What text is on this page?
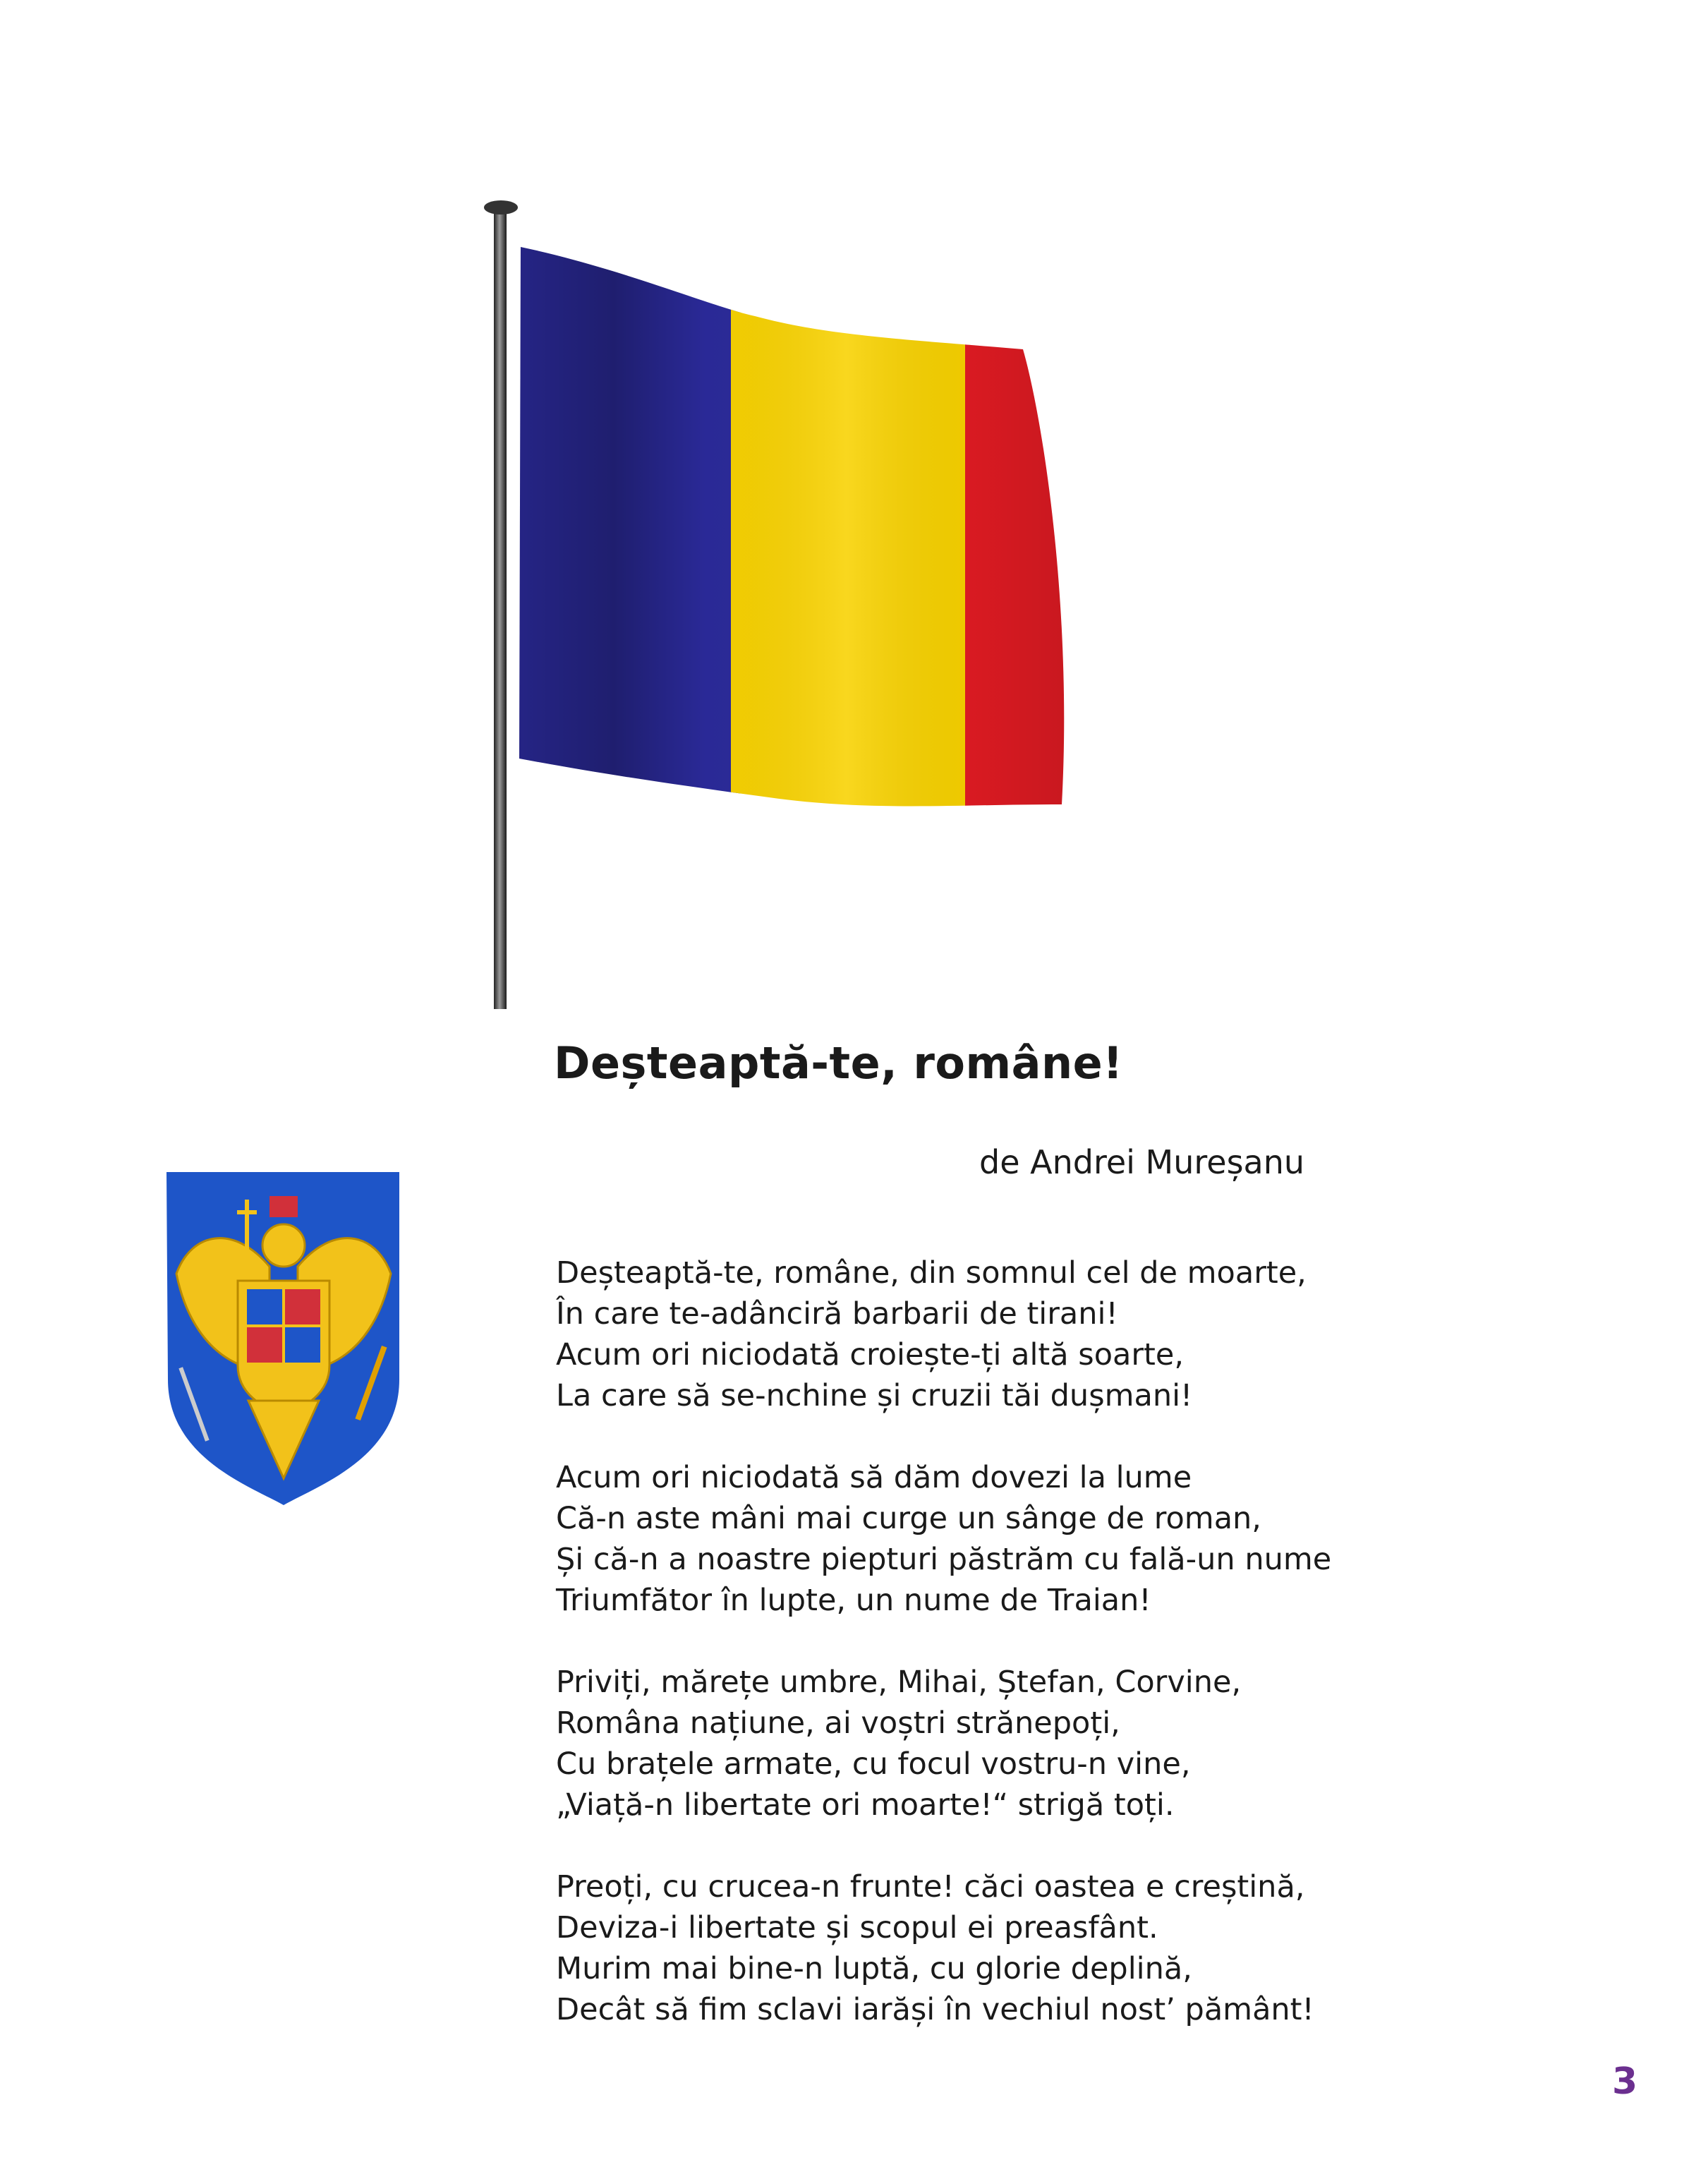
Deșteaptă-te, române!
de Andrei Mureșanu

Deșteaptă-te, române, din somnul cel de moarte,
În care te-adânciră barbarii de tirani!
Acum ori niciodată croiește-ți altă soarte,
La care să se-nchine și cruzii tăi dușmani!

Acum ori niciodată să dăm dovezi la lume
Că-n aste mâni mai curge un sânge de roman,
Și că-n a noastre piepturi păstrăm cu fală-un nume
Triumfător în lupte, un nume de Traian!

Priviți, mărețe umbre, Mihai, Ștefan, Corvine,
Româna națiune, ai voștri strănepoți,
Cu brațele armate, cu focul vostru-n vine,
„Viață-n libertate ori moarte!“ strigă toți.

Preoți, cu crucea-n frunte! căci oastea e creștină,
Deviza-i libertate și scopul ei preasfânt.
Murim mai bine-n luptă, cu glorie deplină,
Decât să fim sclavi iarăși în vechiul nost’ pământ!

3
